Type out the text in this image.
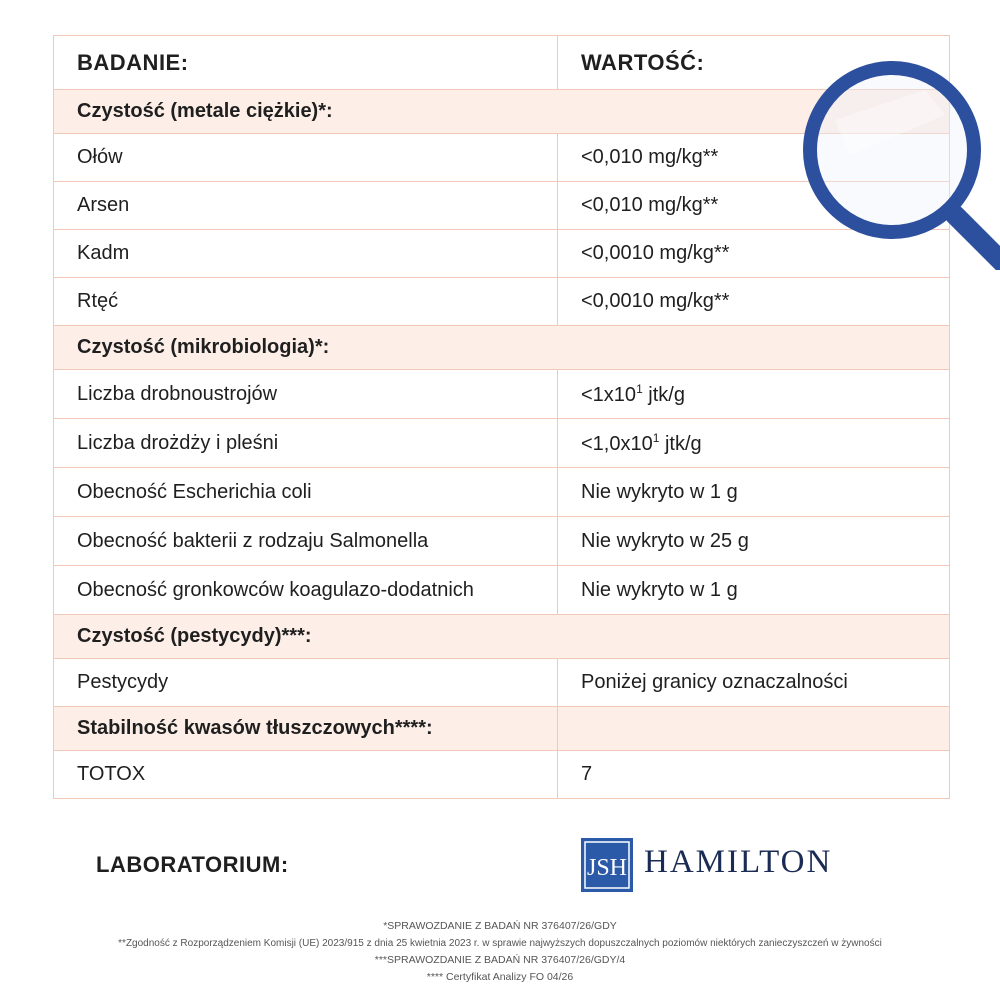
BADANIE:	WARTOŚĆ:
Czystość (metale ciężkie)*:	
Ołów	<0,010 mg/kg**
Arsen	<0,010 mg/kg**
Kadm	<0,0010 mg/kg**
Rtęć	<0,0010 mg/kg**
Czystość (mikrobiologia)*:	
Liczba drobnoustrojów	$<1x10^1$ jtk/g
Liczba drożdży i pleśni	$<1,0x10^1$ jtk/g
Obecność Escherichia coli	Nie wykryto w 1 g
Obecność bakterii z rodzaju Salmonella	Nie wykryto w 25 g
Obecność gronkowców koagulazo-dodatnich	Nie wykryto w 1 g
Czystość (pestycydy)***:	
Pestycydy	Poniżej granicy oznaczalności
Stabilność kwasów tłuszczowych****:	
TOTOX	7
LABORATORIUM:	JSH HAMILTON
*SPRAWOZDANIE Z BADAŃ NR 376407/26/GDY
**Zgodność z Rozporządzeniem Komisji (UE) 2023/915 z dnia 25 kwietnia 2023 r. w sprawie najwyższych dopuszczalnych poziomów niektórych zanieczyszczeń w żywności
***SPRAWOZDANIE Z BADAŃ NR 376407/26/GDY/4
**** Certyfikat Analizy FO 04/26
